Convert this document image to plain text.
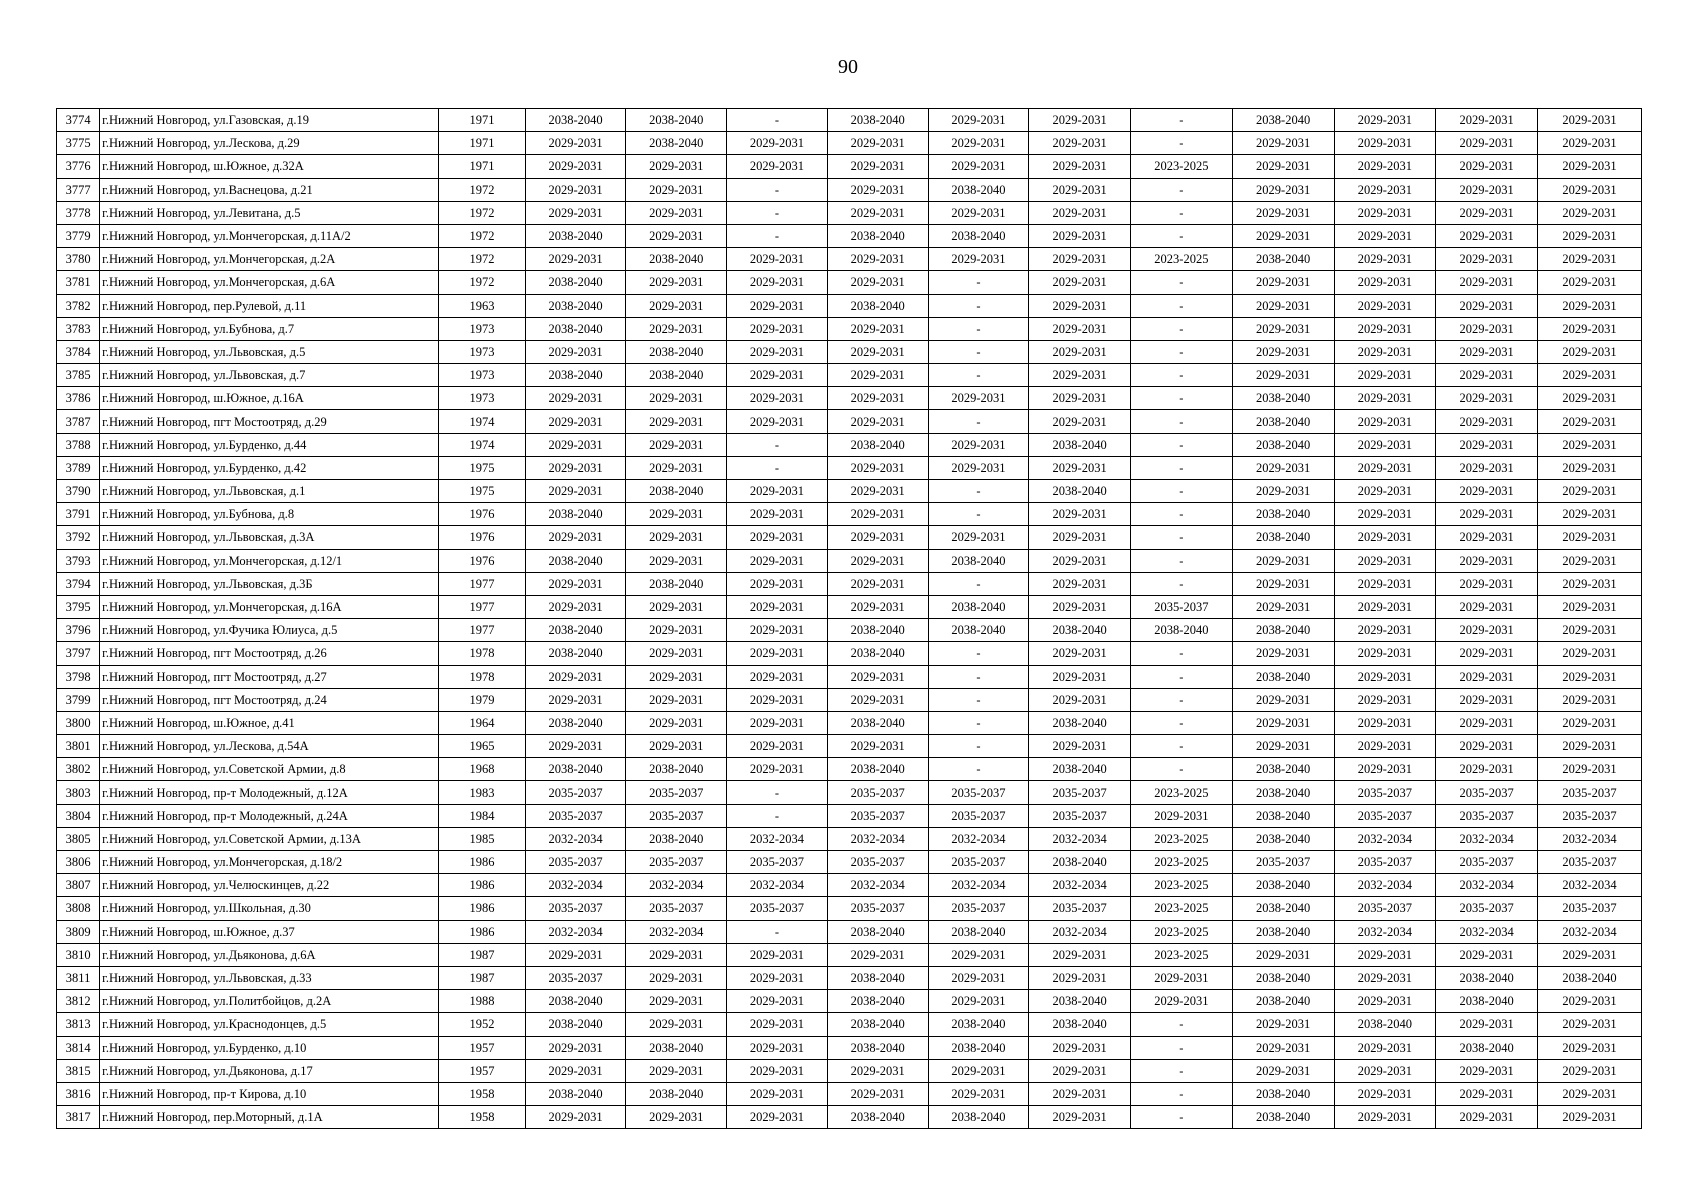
90
3774	г.Нижний Новгород, ул.Газовская, д.19	1971	2038-2040	2038-2040	-	2038-2040	2029-2031	2029-2031	-	2038-2040	2029-2031	2029-2031	2029-2031
3775	г.Нижний Новгород, ул.Лескова, д.29	1971	2029-2031	2038-2040	2029-2031	2029-2031	2029-2031	2029-2031	-	2029-2031	2029-2031	2029-2031	2029-2031
3776	г.Нижний Новгород, ш.Южное, д.32А	1971	2029-2031	2029-2031	2029-2031	2029-2031	2029-2031	2029-2031	2023-2025	2029-2031	2029-2031	2029-2031	2029-2031
3777	г.Нижний Новгород, ул.Васнецова, д.21	1972	2029-2031	2029-2031	-	2029-2031	2038-2040	2029-2031	-	2029-2031	2029-2031	2029-2031	2029-2031
3778	г.Нижний Новгород, ул.Левитана, д.5	1972	2029-2031	2029-2031	-	2029-2031	2029-2031	2029-2031	-	2029-2031	2029-2031	2029-2031	2029-2031
3779	г.Нижний Новгород, ул.Мончегорская, д.11А/2	1972	2038-2040	2029-2031	-	2038-2040	2038-2040	2029-2031	-	2029-2031	2029-2031	2029-2031	2029-2031
3780	г.Нижний Новгород, ул.Мончегорская, д.2А	1972	2029-2031	2038-2040	2029-2031	2029-2031	2029-2031	2029-2031	2023-2025	2038-2040	2029-2031	2029-2031	2029-2031
3781	г.Нижний Новгород, ул.Мончегорская, д.6А	1972	2038-2040	2029-2031	2029-2031	2029-2031	-	2029-2031	-	2029-2031	2029-2031	2029-2031	2029-2031
3782	г.Нижний Новгород, пер.Рулевой, д.11	1963	2038-2040	2029-2031	2029-2031	2038-2040	-	2029-2031	-	2029-2031	2029-2031	2029-2031	2029-2031
3783	г.Нижний Новгород, ул.Бубнова, д.7	1973	2038-2040	2029-2031	2029-2031	2029-2031	-	2029-2031	-	2029-2031	2029-2031	2029-2031	2029-2031
3784	г.Нижний Новгород, ул.Львовская, д.5	1973	2029-2031	2038-2040	2029-2031	2029-2031	-	2029-2031	-	2029-2031	2029-2031	2029-2031	2029-2031
3785	г.Нижний Новгород, ул.Львовская, д.7	1973	2038-2040	2038-2040	2029-2031	2029-2031	-	2029-2031	-	2029-2031	2029-2031	2029-2031	2029-2031
3786	г.Нижний Новгород, ш.Южное, д.16А	1973	2029-2031	2029-2031	2029-2031	2029-2031	2029-2031	2029-2031	-	2038-2040	2029-2031	2029-2031	2029-2031
3787	г.Нижний Новгород, пгт Мостоотряд, д.29	1974	2029-2031	2029-2031	2029-2031	2029-2031	-	2029-2031	-	2038-2040	2029-2031	2029-2031	2029-2031
3788	г.Нижний Новгород, ул.Бурденко, д.44	1974	2029-2031	2029-2031	-	2038-2040	2029-2031	2038-2040	-	2038-2040	2029-2031	2029-2031	2029-2031
3789	г.Нижний Новгород, ул.Бурденко, д.42	1975	2029-2031	2029-2031	-	2029-2031	2029-2031	2029-2031	-	2029-2031	2029-2031	2029-2031	2029-2031
3790	г.Нижний Новгород, ул.Львовская, д.1	1975	2029-2031	2038-2040	2029-2031	2029-2031	-	2038-2040	-	2029-2031	2029-2031	2029-2031	2029-2031
3791	г.Нижний Новгород, ул.Бубнова, д.8	1976	2038-2040	2029-2031	2029-2031	2029-2031	-	2029-2031	-	2038-2040	2029-2031	2029-2031	2029-2031
3792	г.Нижний Новгород, ул.Львовская, д.3А	1976	2029-2031	2029-2031	2029-2031	2029-2031	2029-2031	2029-2031	-	2038-2040	2029-2031	2029-2031	2029-2031
3793	г.Нижний Новгород, ул.Мончегорская, д.12/1	1976	2038-2040	2029-2031	2029-2031	2029-2031	2038-2040	2029-2031	-	2029-2031	2029-2031	2029-2031	2029-2031
3794	г.Нижний Новгород, ул.Львовская, д.3Б	1977	2029-2031	2038-2040	2029-2031	2029-2031	-	2029-2031	-	2029-2031	2029-2031	2029-2031	2029-2031
3795	г.Нижний Новгород, ул.Мончегорская, д.16А	1977	2029-2031	2029-2031	2029-2031	2029-2031	2038-2040	2029-2031	2035-2037	2029-2031	2029-2031	2029-2031	2029-2031
3796	г.Нижний Новгород, ул.Фучика Юлиуса, д.5	1977	2038-2040	2029-2031	2029-2031	2038-2040	2038-2040	2038-2040	2038-2040	2038-2040	2029-2031	2029-2031	2029-2031
3797	г.Нижний Новгород, пгт Мостоотряд, д.26	1978	2038-2040	2029-2031	2029-2031	2038-2040	-	2029-2031	-	2029-2031	2029-2031	2029-2031	2029-2031
3798	г.Нижний Новгород, пгт Мостоотряд, д.27	1978	2029-2031	2029-2031	2029-2031	2029-2031	-	2029-2031	-	2038-2040	2029-2031	2029-2031	2029-2031
3799	г.Нижний Новгород, пгт Мостоотряд, д.24	1979	2029-2031	2029-2031	2029-2031	2029-2031	-	2029-2031	-	2029-2031	2029-2031	2029-2031	2029-2031
3800	г.Нижний Новгород, ш.Южное, д.41	1964	2038-2040	2029-2031	2029-2031	2038-2040	-	2038-2040	-	2029-2031	2029-2031	2029-2031	2029-2031
3801	г.Нижний Новгород, ул.Лескова, д.54А	1965	2029-2031	2029-2031	2029-2031	2029-2031	-	2029-2031	-	2029-2031	2029-2031	2029-2031	2029-2031
3802	г.Нижний Новгород, ул.Советской Армии, д.8	1968	2038-2040	2038-2040	2029-2031	2038-2040	-	2038-2040	-	2038-2040	2029-2031	2029-2031	2029-2031
3803	г.Нижний Новгород, пр-т Молодежный, д.12А	1983	2035-2037	2035-2037	-	2035-2037	2035-2037	2035-2037	2023-2025	2038-2040	2035-2037	2035-2037	2035-2037
3804	г.Нижний Новгород, пр-т Молодежный, д.24А	1984	2035-2037	2035-2037	-	2035-2037	2035-2037	2035-2037	2029-2031	2038-2040	2035-2037	2035-2037	2035-2037
3805	г.Нижний Новгород, ул.Советской Армии, д.13А	1985	2032-2034	2038-2040	2032-2034	2032-2034	2032-2034	2032-2034	2023-2025	2038-2040	2032-2034	2032-2034	2032-2034
3806	г.Нижний Новгород, ул.Мончегорская, д.18/2	1986	2035-2037	2035-2037	2035-2037	2035-2037	2035-2037	2038-2040	2023-2025	2035-2037	2035-2037	2035-2037	2035-2037
3807	г.Нижний Новгород, ул.Челюскинцев, д.22	1986	2032-2034	2032-2034	2032-2034	2032-2034	2032-2034	2032-2034	2023-2025	2038-2040	2032-2034	2032-2034	2032-2034
3808	г.Нижний Новгород, ул.Школьная, д.30	1986	2035-2037	2035-2037	2035-2037	2035-2037	2035-2037	2035-2037	2023-2025	2038-2040	2035-2037	2035-2037	2035-2037
3809	г.Нижний Новгород, ш.Южное, д.37	1986	2032-2034	2032-2034	-	2038-2040	2038-2040	2032-2034	2023-2025	2038-2040	2032-2034	2032-2034	2032-2034
3810	г.Нижний Новгород, ул.Дьяконова, д.6А	1987	2029-2031	2029-2031	2029-2031	2029-2031	2029-2031	2029-2031	2023-2025	2029-2031	2029-2031	2029-2031	2029-2031
3811	г.Нижний Новгород, ул.Львовская, д.33	1987	2035-2037	2029-2031	2029-2031	2038-2040	2029-2031	2029-2031	2029-2031	2038-2040	2029-2031	2038-2040	2038-2040
3812	г.Нижний Новгород, ул.Политбойцов, д.2А	1988	2038-2040	2029-2031	2029-2031	2038-2040	2029-2031	2038-2040	2029-2031	2038-2040	2029-2031	2038-2040	2029-2031
3813	г.Нижний Новгород, ул.Краснодонцев, д.5	1952	2038-2040	2029-2031	2029-2031	2038-2040	2038-2040	2038-2040	-	2029-2031	2038-2040	2029-2031	2029-2031
3814	г.Нижний Новгород, ул.Бурденко, д.10	1957	2029-2031	2038-2040	2029-2031	2038-2040	2038-2040	2029-2031	-	2029-2031	2029-2031	2038-2040	2029-2031
3815	г.Нижний Новгород, ул.Дьяконова, д.17	1957	2029-2031	2029-2031	2029-2031	2029-2031	2029-2031	2029-2031	-	2029-2031	2029-2031	2029-2031	2029-2031
3816	г.Нижний Новгород, пр-т Кирова, д.10	1958	2038-2040	2038-2040	2029-2031	2029-2031	2029-2031	2029-2031	-	2038-2040	2029-2031	2029-2031	2029-2031
3817	г.Нижний Новгород, пер.Моторный, д.1А	1958	2029-2031	2029-2031	2029-2031	2038-2040	2038-2040	2029-2031	-	2038-2040	2029-2031	2029-2031	2029-2031
